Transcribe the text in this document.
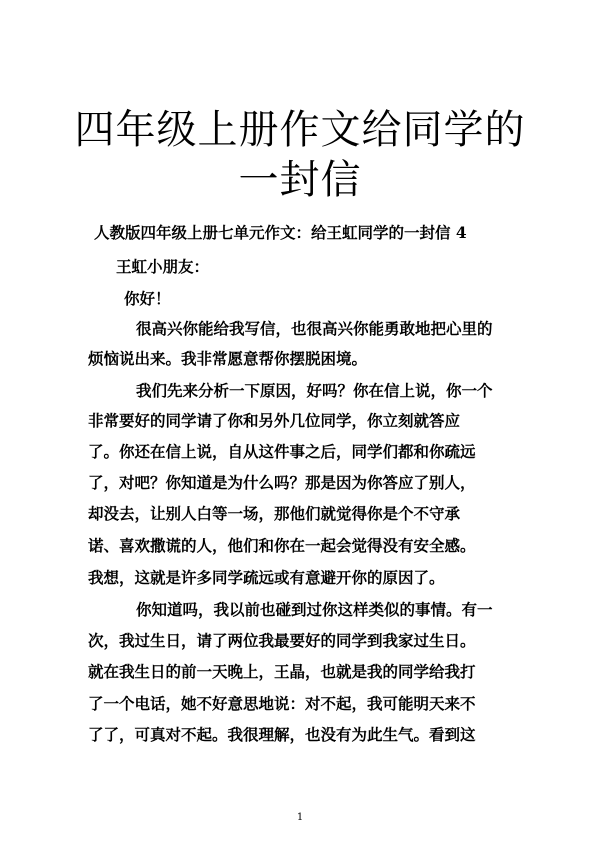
四年级上册作文给同学的
一封信
人教版四年级上册七单元作文：给王虹同学的一封信 4
王虹小朋友：
你好！
很高兴你能给我写信，也很高兴你能勇敢地把心里的
烦恼说出来。我非常愿意帮你摆脱困境。
我们先来分析一下原因，好吗？你在信上说，你一个
非常要好的同学请了你和另外几位同学，你立刻就答应
了。你还在信上说，自从这件事之后，同学们都和你疏远
了，对吧？你知道是为什么吗？那是因为你答应了别人，
却没去，让别人白等一场，那他们就觉得你是个不守承
诺、喜欢撒谎的人，他们和你在一起会觉得没有安全感。
我想，这就是许多同学疏远或有意避开你的原因了。
你知道吗，我以前也碰到过你这样类似的事情。有一
次，我过生日，请了两位我最要好的同学到我家过生日。
就在我生日的前一天晚上，王晶，也就是我的同学给我打
了一个电话，她不好意思地说：对不起，我可能明天来不
了了，可真对不起。我很理解，也没有为此生气。看到这
1
